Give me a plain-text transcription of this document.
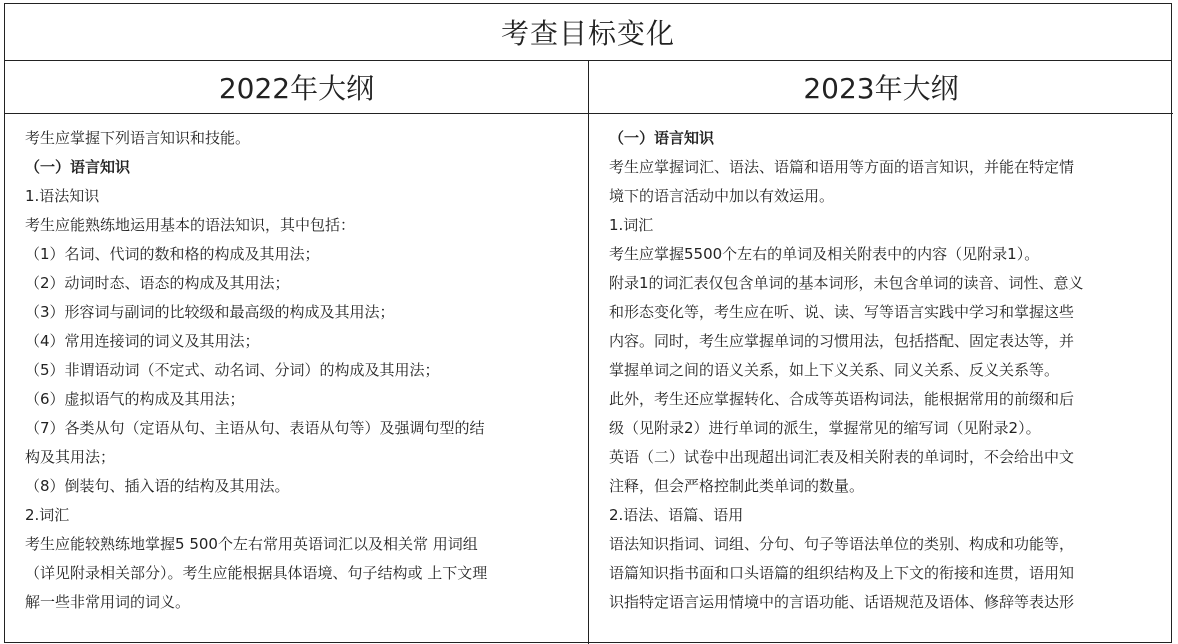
考查目标变化
2022年大纲	2023年大纲
考生应掌握下列语言知识和技能。
（一）语言知识
1.语法知识
考生应能熟练地运用基本的语法知识，其中包括：
（1）名词、代词的数和格的构成及其用法；
（2）动词时态、语态的构成及其用法；
（3）形容词与副词的比较级和最高级的构成及其用法；
（4）常用连接词的词义及其用法；
（5）非谓语动词（不定式、动名词、分词）的构成及其用法；
（6）虚拟语气的构成及其用法；
（7）各类从句（定语从句、主语从句、表语从句等）及强调句型的结
构及其用法；
（8）倒装句、插入语的结构及其用法。
2.词汇
考生应能较熟练地掌握5 500个左右常用英语词汇以及相关常 用词组
（详见附录相关部分）。考生应能根据具体语境、句子结构或 上下文理
解一些非常用词的词义。
（一）语言知识
考生应掌握词汇、语法、语篇和语用等方面的语言知识，并能在特定情
境下的语言活动中加以有效运用。
1.词汇
考生应掌握5500个左右的单词及相关附表中的内容（见附录1）。
附录1的词汇表仅包含单词的基本词形，未包含单词的读音、词性、意义
和形态变化等，考生应在听、说、读、写等语言实践中学习和掌握这些
内容。同时，考生应掌握单词的习惯用法，包括搭配、固定表达等，并
掌握单词之间的语义关系，如上下义关系、同义关系、反义关系等。
此外，考生还应掌握转化、合成等英语构词法，能根据常用的前缀和后
级（见附录2）进行单词的派生，掌握常见的缩写词（见附录2）。
英语（二）试卷中出现超出词汇表及相关附表的单词时，不会给出中文
注释，但会严格控制此类单词的数量。
2.语法、语篇、语用
语法知识指词、词组、分句、句子等语法单位的类别、构成和功能等，
语篇知识指书面和口头语篇的组织结构及上下文的衔接和连贯，语用知
识指特定语言运用情境中的言语功能、话语规范及语体、修辞等表达形
